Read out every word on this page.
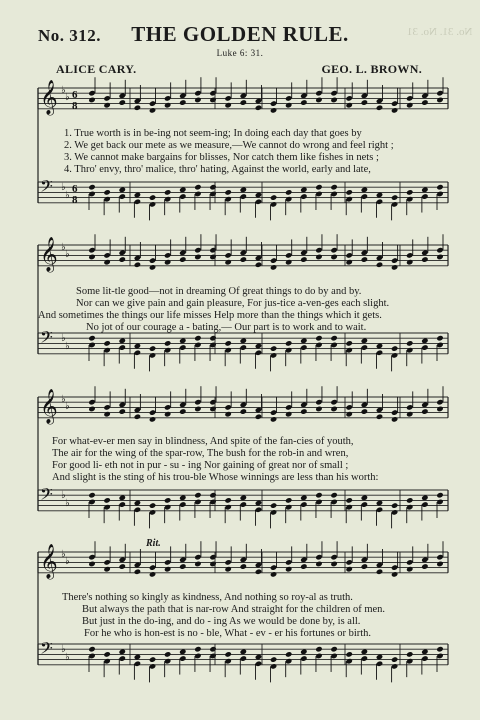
No. 31. No. 31
No. 312.	THE GOLDEN RULE.
Luke 6: 31.
ALICE CARY.	GEO. L. BROWN.
𝄞 ♭
♭ 6
8
𝄢 ♭
♭
6
8
𝄞 ♭
♭
𝄢 ♭
♭
𝄞 ♭
♭
𝄢 ♭
♭
𝄞 ♭
♭
𝄢 ♭
♭
Rit.
1. True worth is in be-ing not seem-ing; In doing each day that goes by
2. We get back our mete as we measure,—We cannot do wrong and feel right ;
3. We cannot make bargains for blisses, Nor catch them like fishes in nets ;
4. Thro' envy, thro' malice, thro' hating, Against the world, early and late,
Some lit-tle good—not in dreaming Of great things to do by and by.
Nor can we give pain and gain pleasure, For jus-tice a-ven-ges each slight.
And sometimes the things our life misses Help more than the things which it gets.
No jot of our courage a - bating,— Our part is to work and to wait.
For what-ev-er men say in blindness, And spite of the fan-cies of youth,
The air for the wing of the spar-row, The bush for the rob-in and wren,
For good li- eth not in pur - su - ing Nor gaining of great nor of small ;
And slight is the sting of his trou-ble Whose winnings are less than his worth:
There's nothing so kingly as kindness, And nothing so roy-al as truth.
But always the path that is nar-row And straight for the children of men.
But just in the do-ing, and do - ing As we would be done by, is all.
For he who is hon-est is no - ble, What - ev - er his fortunes or birth.
